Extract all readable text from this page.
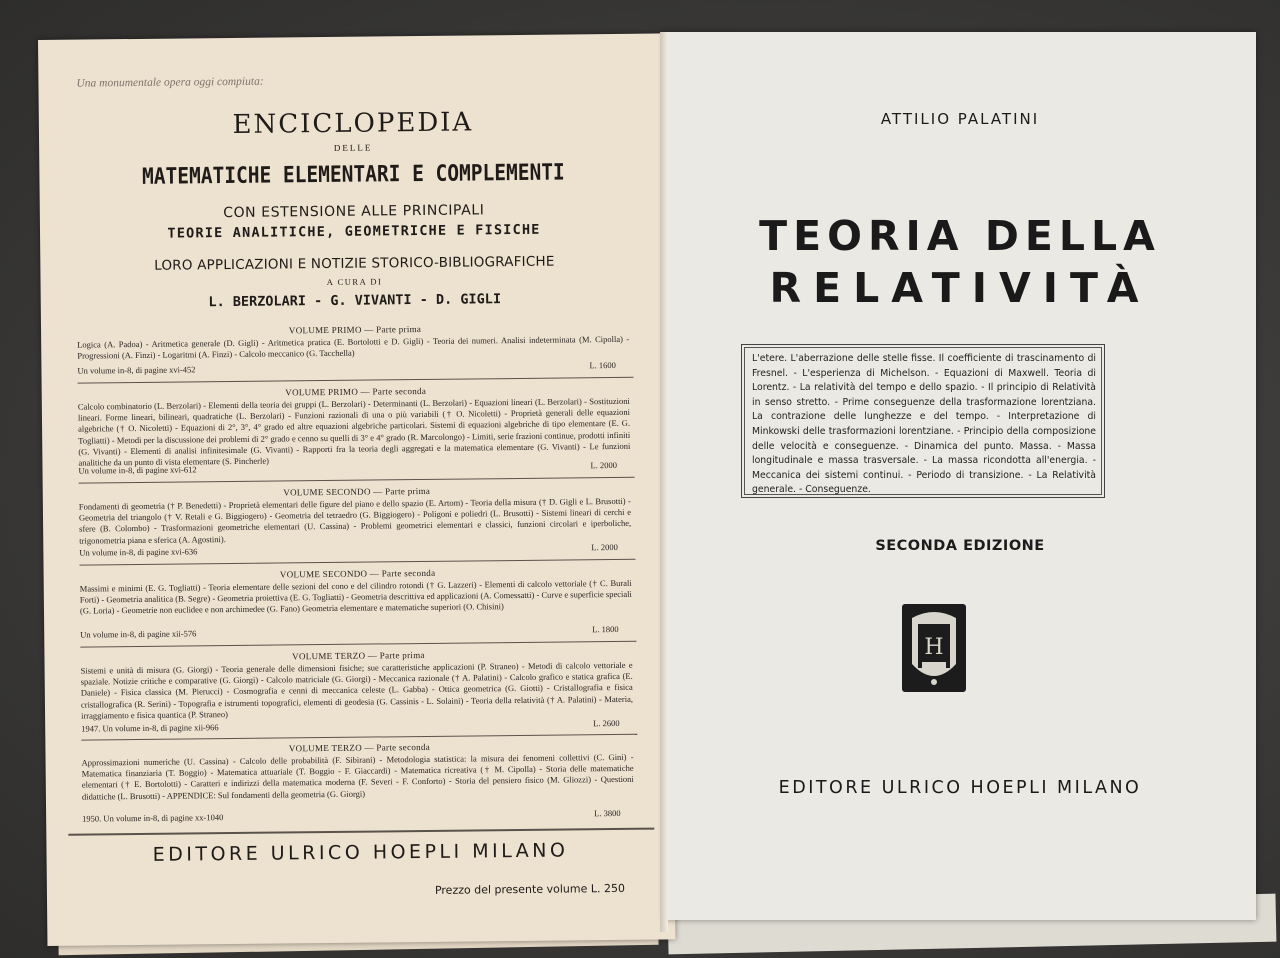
Una monumentale opera oggi compiuta:
ENCICLOPEDIA
DELLE
MATEMATICHE ELEMENTARI E COMPLEMENTI
CON ESTENSIONE ALLE PRINCIPALI
TEORIE ANALITICHE, GEOMETRICHE E FISICHE
LORO APPLICAZIONI E NOTIZIE STORICO-BIBLIOGRAFICHE
A CURA DI
L. BERZOLARI - G. VIVANTI - D. GIGLI
VOLUME PRIMO — Parte prima
Logica (A. Padoa) - Aritmetica generale (D. Gigli) - Aritmetica pratica (E. Bortolotti e D. Gigli) - Teoria dei numeri. Analisi indeterminata (M. Cipolla) - Progressioni (A. Finzi) - Logaritmi (A. Finzi) - Calcolo meccanico (G. Tacchella)
Un volume in-8, di pagine xvi-452	L. 1600
VOLUME PRIMO — Parte seconda
Calcolo combinatorio (L. Berzolari) - Elementi della teoria dei gruppi (L. Berzolari) - Determinanti (L. Berzolari) - Equazioni lineari (L. Berzolari) - Sostituzioni lineari. Forme lineari, bilineari, quadratiche (L. Berzolari) - Funzioni razionali di una o più variabili († O. Nicoletti) - Proprietà generali delle equazioni algebriche († O. Nicoletti) - Equazioni di 2°, 3°, 4° grado ed altre equazioni algebriche particolari. Sistemi di equazioni algebriche di tipo elementare (E. G. Togliatti) - Metodi per la discussione dei problemi di 2° grado e cenno su quelli di 3° e 4° grado (R. Marcolongo) - Limiti, serie frazioni continue, prodotti infiniti (G. Vivanti) - Elementi di analisi infinitesimale (G. Vivanti) - Rapporti fra la teoria degli aggregati e la matematica elementare (G. Vivanti) - Le funzioni analitiche da un punto di vista elementare (S. Pincherle)
Un volume in-8, di pagine xvi-612	L. 2000
VOLUME SECONDO — Parte prima
Fondamenti di geometria († P. Benedetti) - Proprietà elementari delle figure del piano e dello spazio (E. Artom) - Teoria della misura († D. Gigli e L. Brusotti) - Geometria del triangolo († V. Retali e G. Biggiogero) - Geometria del tetraedro (G. Biggiogero) - Poligoni e poliedri (L. Brusotti) - Sistemi lineari di cerchi e sfere (B. Colombo) - Trasformazioni geometriche elementari (U. Cassina) - Problemi geometrici elementari e classici, funzioni circolari e iperboliche, trigonometria piana e sferica (A. Agostini).
Un volume in-8, di pagine xvi-636	L. 2000
VOLUME SECONDO — Parte seconda
Massimi e minimi (E. G. Togliatti) - Teoria elementare delle sezioni del cono e del cilindro rotondi († G. Lazzeri) - Elementi di calcolo vettoriale († C. Burali Forti) - Geometria analitica (B. Segre) - Geometria proiettiva (E. G. Togliatti) - Geometria descrittiva ed applicazioni (A. Comessatti) - Curve e superficie speciali (G. Loria) - Geometrie non euclidee e non archimedee (G. Fano) Geometria elementare e matematiche superiori (O. Chisini)
Un volume in-8, di pagine xii-576	L. 1800
VOLUME TERZO — Parte prima
Sistemi e unità di misura (G. Giorgi) - Teoria generale delle dimensioni fisiche; sue caratteristiche applicazioni (P. Straneo) - Metodi di calcolo vettoriale e spaziale. Notizie critiche e comparative (G. Giorgi) - Calcolo matriciale (G. Giorgi) - Meccanica razionale († A. Palatini) - Calcolo grafico e statica grafica (E. Daniele) - Fisica classica (M. Pierucci) - Cosmografia e cenni di meccanica celeste (L. Gabba) - Ottica geometrica (G. Giotti) - Cristallografia e fisica cristallografica (R. Serini) - Topografia e istrumenti topografici, elementi di geodesia (G. Cassinis - L. Solaini) - Teoria della relatività († A. Palatini) - Materia, irraggiamento e fisica quantica (P. Straneo)
1947. Un volume in-8, di pagine xii-966	L. 2600
VOLUME TERZO — Parte seconda
Approssimazioni numeriche (U. Cassina) - Calcolo delle probabilità (F. Sibirani) - Metodologia statistica: la misura dei fenomeni collettivi (C. Gini) - Matematica finanziaria (T. Boggio) - Matematica attuariale (T. Boggio - F. Giaccardi) - Matematica ricreativa († M. Cipolla) - Storia delle matematiche elementari († E. Bortolotti) - Caratteri e indirizzi della matematica moderna (F. Severi - F. Conforto) - Storia del pensiero fisico (M. Gliozzi) - Questioni didattiche (L. Brusotti) - APPENDICE: Sul fondamenti della geometria (G. Giorgi)
1950. Un volume in-8, di pagine xx-1040	L. 3800
EDITORE ULRICO HOEPLI MILANO
Prezzo del presente volume L. 250
ATTILIO PALATINI
TEORIA DELLA
RELATIVITÀ
L'etere. L'aberrazione delle stelle fisse. Il coefficiente di trascinamento di Fresnel. - L'esperienza di Michelson. - Equazioni di Maxwell. Teoria di Lorentz. - La relatività del tempo e dello spazio. - Il principio di Relatività in senso stretto. - Prime conseguenze della trasformazione lorentziana. La contrazione delle lunghezze e del tempo. - Interpretazione di Minkowski delle trasformazioni lorentziane. - Principio della composizione delle velocità e conseguenze. - Dinamica del punto. Massa. - Massa longitudinale e massa trasversale. - La massa ricondotta all'energia. - Meccanica dei sistemi continui. - Periodo di transizione. - La Relatività generale. - Conseguenze.
SECONDA EDIZIONE
H
EDITORE ULRICO HOEPLI MILANO
